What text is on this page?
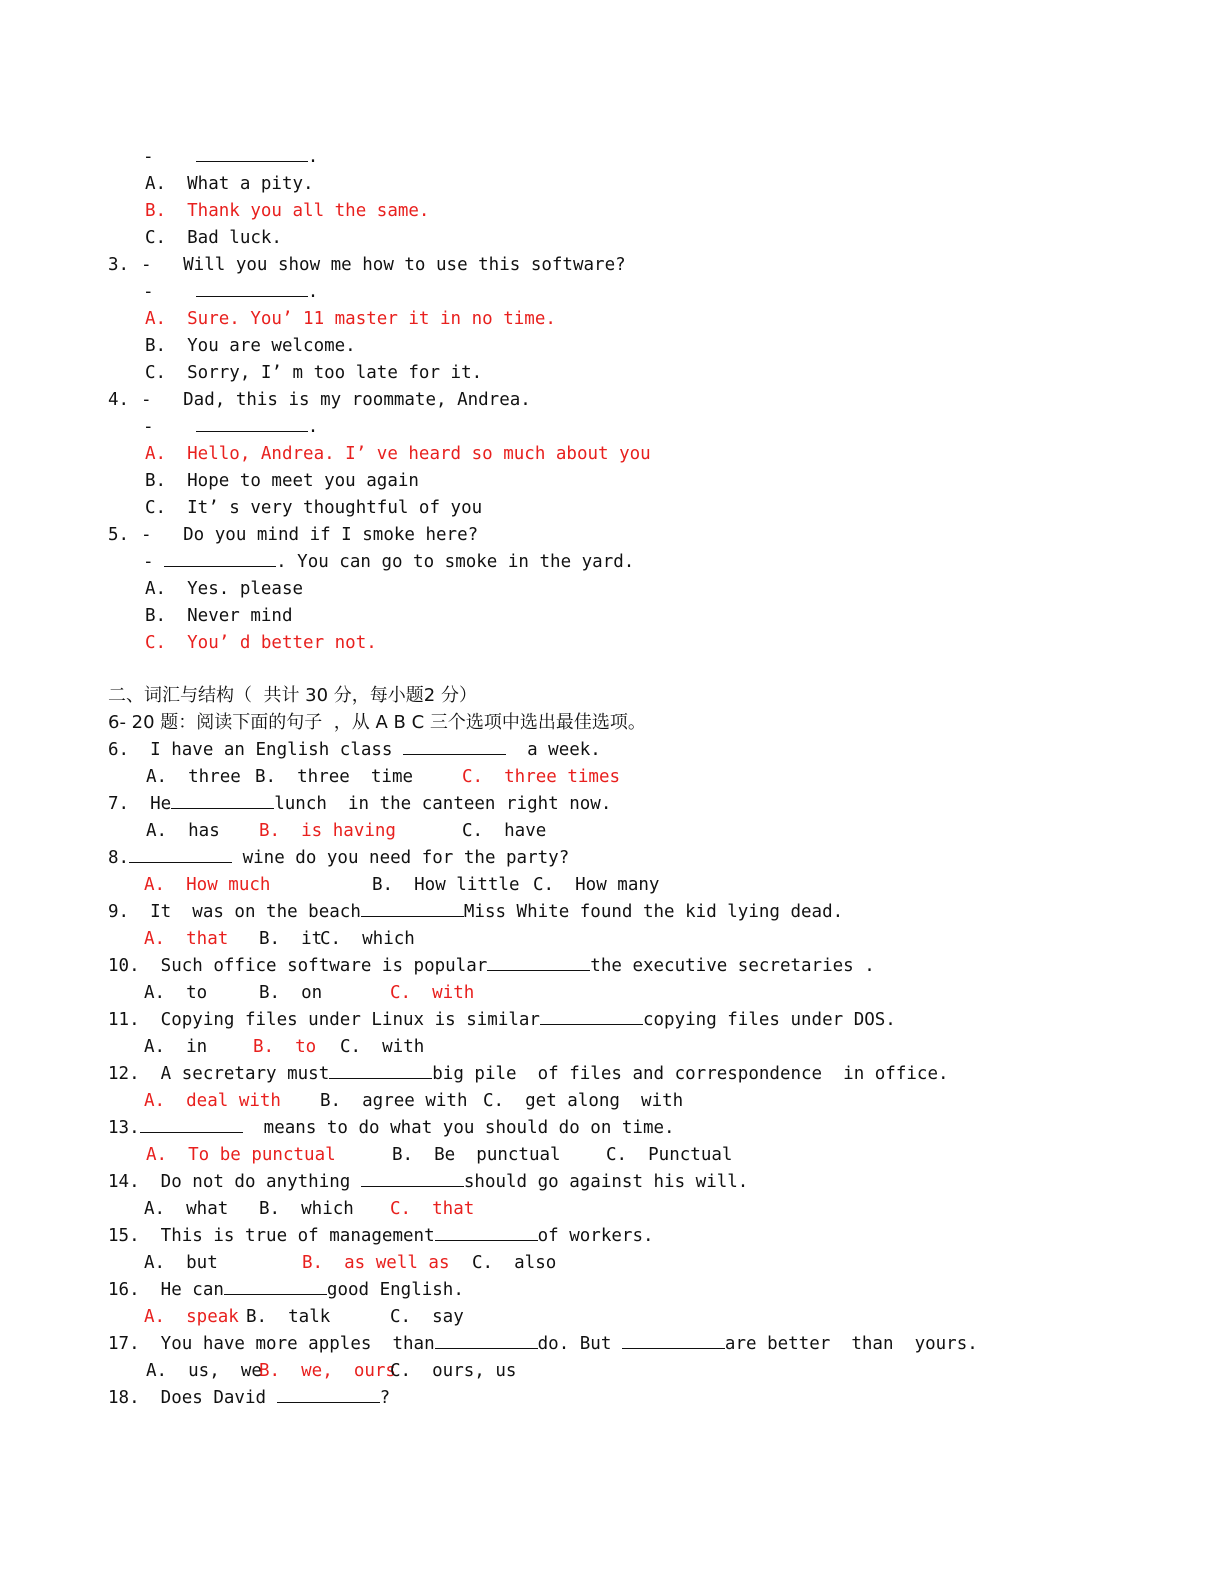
-	.
A.  What a pity.
B.  Thank you all the same.
C.  Bad luck.
3. -   Will you show me how to use this software?
-	.
A.  Sure. You’ 11 master it in no time.
B.  You are welcome.
C.  Sorry, I’ m too late for it.
4. -   Dad, this is my roommate, Andrea.
-	.
A.  Hello, Andrea. I’ ve heard so much about you
B.  Hope to meet you again
C.  It’ s very thoughtful of you
5. -   Do you mind if I smoke here?
-	. You can go to smoke in the yard.
A.  Yes. please
B.  Never mind
C.  You’ d better not.
二、词汇与结构（  共计 30 分，每小题2 分）
6- 20 题：阅读下面的句子  ，从 A B C 三个选项中选出最佳选项。
6.  I have an English class	a week.
A.  three B.  three  time	C.  three times
7.  He	lunch  in the canteen right now.
A.  has B.  is having	C.  have
8.	wine do you need for the party?
A.  How much	B.  How little C.  How many
9.  It  was on the beach	Miss White found the kid lying dead.
A.  that B.  it
C.  which
10.  Such office software is popular	the executive secretaries .
A.  to	B.  on	C.  with
11.  Copying files under Linux is similar	copying files under DOS.
A.  in	B.  to C.  with
12.  A secretary must	big pile  of files and correspondence  in office.
A.  deal with B.  agree with C.  get along  with
13.	means to do what you should do on time.
A.  To be punctual	B.  Be  punctual	C.  Punctual
14.  Do not do anything	should go against his will.
A.  what B.  which C.  that
15.  This is true of management	of workers.
A.  but	B.  as well as C.  also
16.  He can	good English.
A.  speak B.  talk	C.  say
17.  You have more apples  than	do. But	are better  than  yours.
A.  us,  we
B.  we,  ours
C.  ours, us
18.  Does David	?
